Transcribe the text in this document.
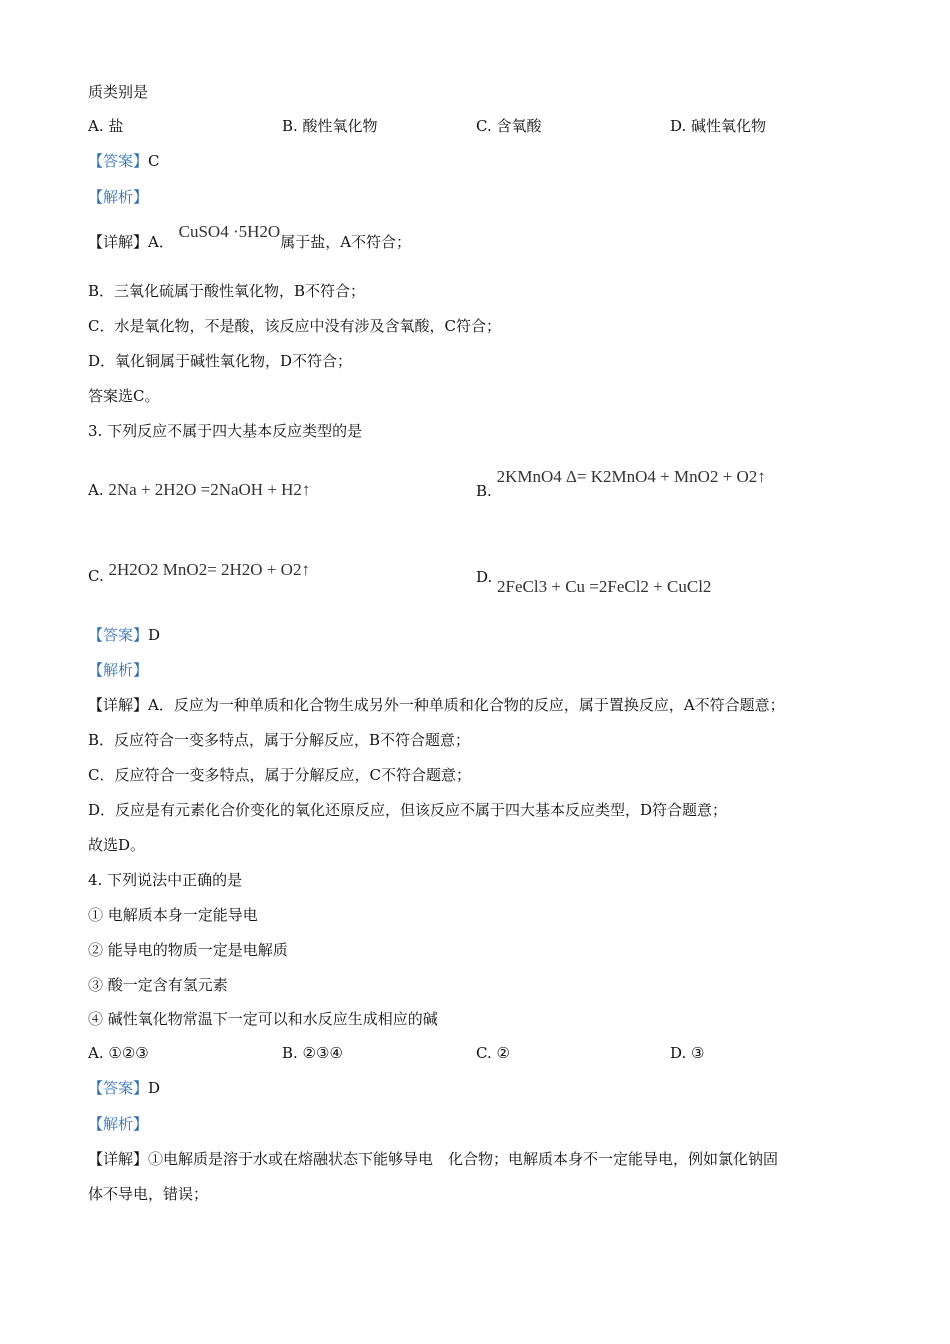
质类别是
A. 盐	B. 酸性氧化物	C. 含氧酸	D. 碱性氧化物
【答案】C
【解析】
【详解】A． CuSO4 ·5H2O属于盐，A不符合；
B．三氧化硫属于酸性氧化物，B不符合；
C．水是氧化物，不是酸，该反应中没有涉及含氧酸，C符合；
D．氧化铜属于碱性氧化物，D不符合；
答案选C。
3. 下列反应不属于四大基本反应类型的是
A. 2Na + 2H2O =2NaOH + H2↑	B. 2KMnO4 Δ= K2MnO4 + MnO2 + O2↑
C. 2H2O2 MnO2= 2H2O + O2↑	D. 2FeCl3 + Cu =2FeCl2 + CuCl2
【答案】D
【解析】
【详解】A．反应为一种单质和化合物生成另外一种单质和化合物的反应，属于置换反应，A不符合题意；
B．反应符合一变多特点，属于分解反应，B不符合题意；
C．反应符合一变多特点，属于分解反应，C不符合题意；
D．反应是有元素化合价变化的氧化还原反应，但该反应不属于四大基本反应类型，D符合题意；
故选D。
4. 下列说法中正确的是
① 电解质本身一定能导电
② 能导电的物质一定是电解质
③ 酸一定含有氢元素
④ 碱性氧化物常温下一定可以和水反应生成相应的碱
A. ①②③	B. ②③④	C. ②	D. ③
【答案】D
【解析】
【详解】①电解质是溶于水或在熔融状态下能够导电　化合物；电解质本身不一定能导电，例如氯化钠固
体不导电，错误；
